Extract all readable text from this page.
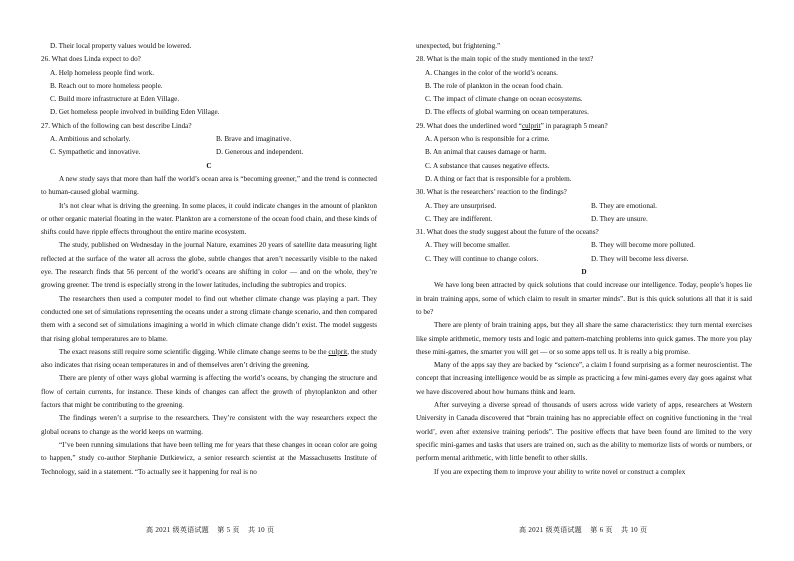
D. Their local property values would be lowered.

26. What does Linda expect to do?

A. Help homeless people find work.

B. Reach out to more homeless people.

C. Build more infrastructure at Eden Village.

D. Get homeless people involved in building Eden Village.

27. Which of the following can best describe Linda?

A. Ambitious and scholarly.	B. Brave and imaginative.
C. Sympathetic and innovative.	D. Generous and independent.

C

A new study says that more than half the world’s ocean area is “becoming greener,” and the trend is connected to human-caused global warming.

It’s not clear what is driving the greening. In some places, it could indicate changes in the amount of plankton or other organic material floating in the water. Plankton are a cornerstone of the ocean food chain, and these kinds of shifts could have ripple effects throughout the entire marine ecosystem.

The study, published on Wednesday in the journal Nature, examines 20 years of satellite data measuring light reflected at the surface of the water all across the globe, subtle changes that aren’t necessarily visible to the naked eye. The research finds that 56 percent of the world’s oceans are shifting in color — and on the whole, they’re growing greener. The trend is especially strong in the lower latitudes, including the subtropics and tropics.

The researchers then used a computer model to find out whether climate change was playing a part. They conducted one set of simulations representing the oceans under a strong climate change scenario, and then compared them with a second set of simulations imagining a world in which climate change didn’t exist. The model suggests that rising global temperatures are to blame.

The exact reasons still require some scientific digging. While climate change seems to be the culprit, the study also indicates that rising ocean temperatures in and of themselves aren’t driving the greening.

There are plenty of other ways global warming is affecting the world’s oceans, by changing the structure and flow of certain currents, for instance. These kinds of changes can affect the growth of phytoplankton and other factors that might be contributing to the greening.

The findings weren’t a surprise to the researchers. They’re consistent with the way researchers expect the global oceans to change as the world keeps on warming.

“I’ve been running simulations that have been telling me for years that these changes in ocean color are going to happen,” study co-author Stephanie Dutkiewicz, a senior research scientist at the Massachusetts Institute of Technology, said in a statement. “To actually see it happening for real is no

高 2021 级英语试题    第 5 页    共 10 页

unexpected, but frightening.”

28. What is the main topic of the study mentioned in the text?

A. Changes in the color of the world’s oceans.

B. The role of plankton in the ocean food chain.

C. The impact of climate change on ocean ecosystems.

D. The effects of global warming on ocean temperatures.

29. What does the underlined word “culprit” in paragraph 5 mean?

A. A person who is responsible for a crime.

B. An animal that causes damage or harm.

C. A substance that causes negative effects.

D. A thing or fact that is responsible for a problem.

30. What is the researchers’ reaction to the findings?

A. They are unsurprised.	B. They are emotional.
C. They are indifferent.	D. They are unsure.

31. What does the study suggest about the future of the oceans?

A. They will become smaller.	B. They will become more polluted.
C. They will continue to change colors.	D. They will become less diverse.

D

We have long been attracted by quick solutions that could increase our intelligence. Today, people’s hopes lie in brain training apps, some of which claim to result in smarter minds”. But is this quick solutions all that it is said to be?

There are plenty of brain training apps, but they all share the same characteristics: they turn mental exercises like simple arithmetic, memory tests and logic and pattern-matching problems into quick games. The more you play these mini-games, the smarter you will get — or so some apps tell us. It is really a big promise.

Many of the apps say they are backed by “science”, a claim I found surprising as a former neuroscientist. The concept that increasing intelligence would be as simple as practicing a few mini-games every day goes against what we have discovered about how humans think and learn.

After surveying a diverse spread of thousands of users across wide variety of apps, researchers at Western University in Canada discovered that “brain training has no appreciable effect on cognitive functioning in the ‘real world’, even after extensive training periods”. The positive effects that have been found are limited to the very specific mini-games and tasks that users are trained on, such as the ability to memorize lists of words or numbers, or perform mental arithmetic, with little benefit to other skills.

If you are expecting them to improve your ability to write novel or construct a complex

高 2021 级英语试题    第 6 页    共 10 页
